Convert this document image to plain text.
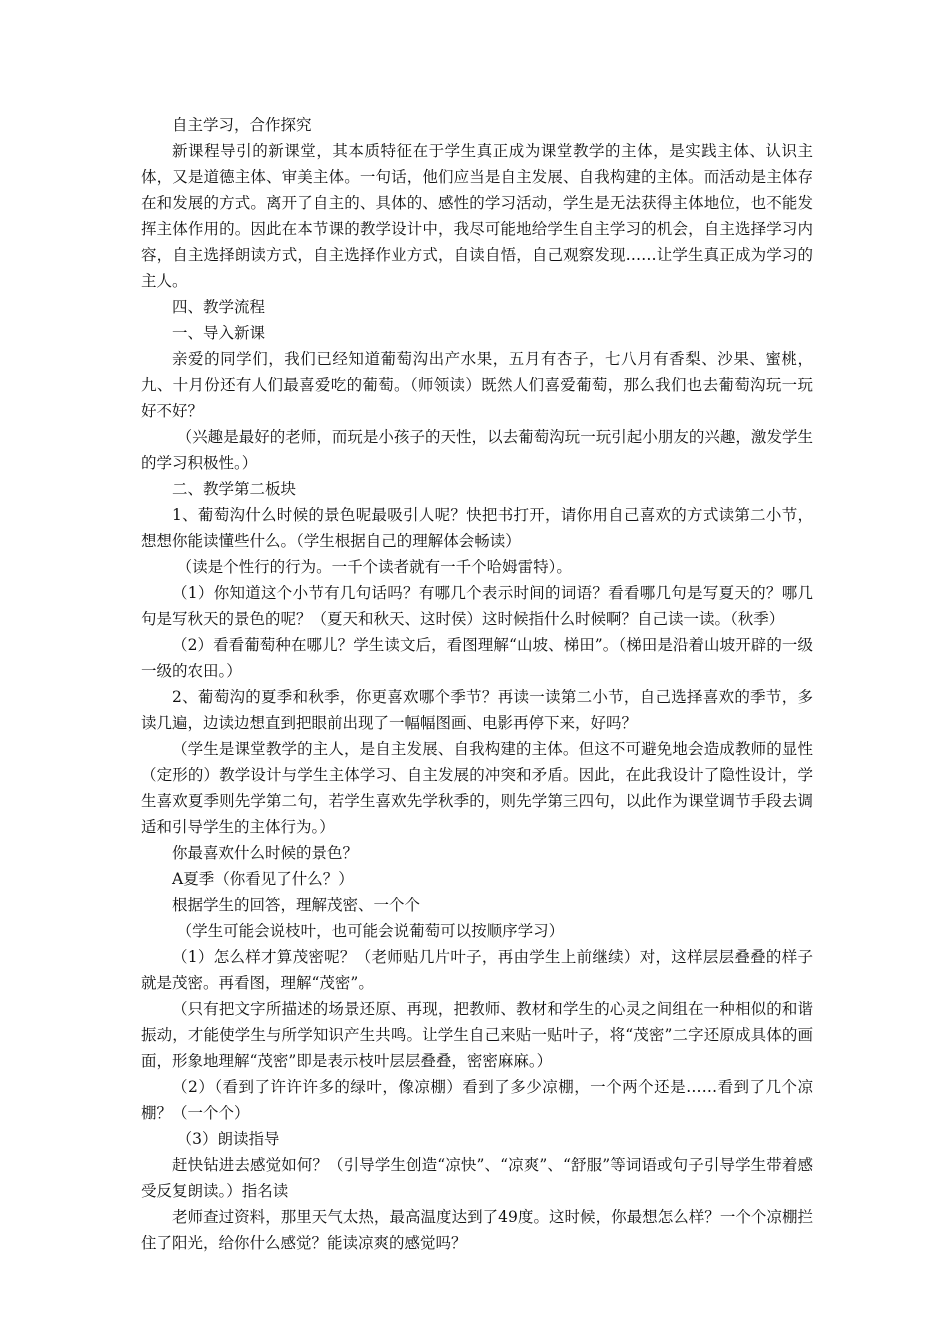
自主学习，合作探究

新课程导引的新课堂，其本质特征在于学生真正成为课堂教学的主体，是实践主体、认识主体，又是道德主体、审美主体。一句话，他们应当是自主发展、自我构建的主体。而活动是主体存在和发展的方式。离开了自主的、具体的、感性的学习活动，学生是无法获得主体地位，也不能发挥主体作用的。因此在本节课的教学设计中，我尽可能地给学生自主学习的机会，自主选择学习内容，自主选择朗读方式，自主选择作业方式，自读自悟，自己观察发现……让学生真正成为学习的主人。

四、教学流程

一、导入新课

亲爱的同学们，我们已经知道葡萄沟出产水果，五月有杏子，七八月有香梨、沙果、蜜桃，九、十月份还有人们最喜爱吃的葡萄。（师领读）既然人们喜爱葡萄，那么我们也去葡萄沟玩一玩好不好？

（兴趣是最好的老师，而玩是小孩子的天性，以去葡萄沟玩一玩引起小朋友的兴趣，激发学生的学习积极性。）

二、教学第二板块

1、葡萄沟什么时候的景色呢最吸引人呢？快把书打开，请你用自己喜欢的方式读第二小节，想想你能读懂些什么。（学生根据自己的理解体会畅读）

（读是个性行的行为。一千个读者就有一千个哈姆雷特）。

（1）你知道这个小节有几句话吗？有哪几个表示时间的词语？看看哪几句是写夏天的？哪几句是写秋天的景色的呢？（夏天和秋天、这时侯）这时候指什么时候啊？自己读一读。（秋季）

（2）看看葡萄种在哪儿？学生读文后，看图理解“山坡、梯田”。（梯田是沿着山坡开辟的一级一级的农田。）

2、葡萄沟的夏季和秋季，你更喜欢哪个季节？再读一读第二小节，自己选择喜欢的季节，多读几遍，边读边想直到把眼前出现了一幅幅图画、电影再停下来，好吗？

（学生是课堂教学的主人，是自主发展、自我构建的主体。但这不可避免地会造成教师的显性（定形的）教学设计与学生主体学习、自主发展的冲突和矛盾。因此，在此我设计了隐性设计，学生喜欢夏季则先学第二句，若学生喜欢先学秋季的，则先学第三四句，以此作为课堂调节手段去调适和引导学生的主体行为。）

你最喜欢什么时候的景色？

A夏季（你看见了什么？）

根据学生的回答，理解茂密、一个个

（学生可能会说枝叶，也可能会说葡萄可以按顺序学习）

（1）怎么样才算茂密呢？（老师贴几片叶子，再由学生上前继续）对，这样层层叠叠的样子就是茂密。再看图，理解“茂密”。

（只有把文字所描述的场景还原、再现，把教师、教材和学生的心灵之间组在一种相似的和谐振动，才能使学生与所学知识产生共鸣。让学生自己来贴一贴叶子，将“茂密”二字还原成具体的画面，形象地理解“茂密”即是表示枝叶层层叠叠，密密麻麻。）

（2）（看到了许许许多的绿叶，像凉棚）看到了多少凉棚，一个两个还是……看到了几个凉棚？（一个个）

（3）朗读指导

赶快钻进去感觉如何？（引导学生创造“凉快”、“凉爽”、“舒服”等词语或句子引导学生带着感受反复朗读。）指名读

老师查过资料，那里天气太热，最高温度达到了49度。这时候，你最想怎么样？一个个凉棚拦住了阳光，给你什么感觉？能读凉爽的感觉吗？
